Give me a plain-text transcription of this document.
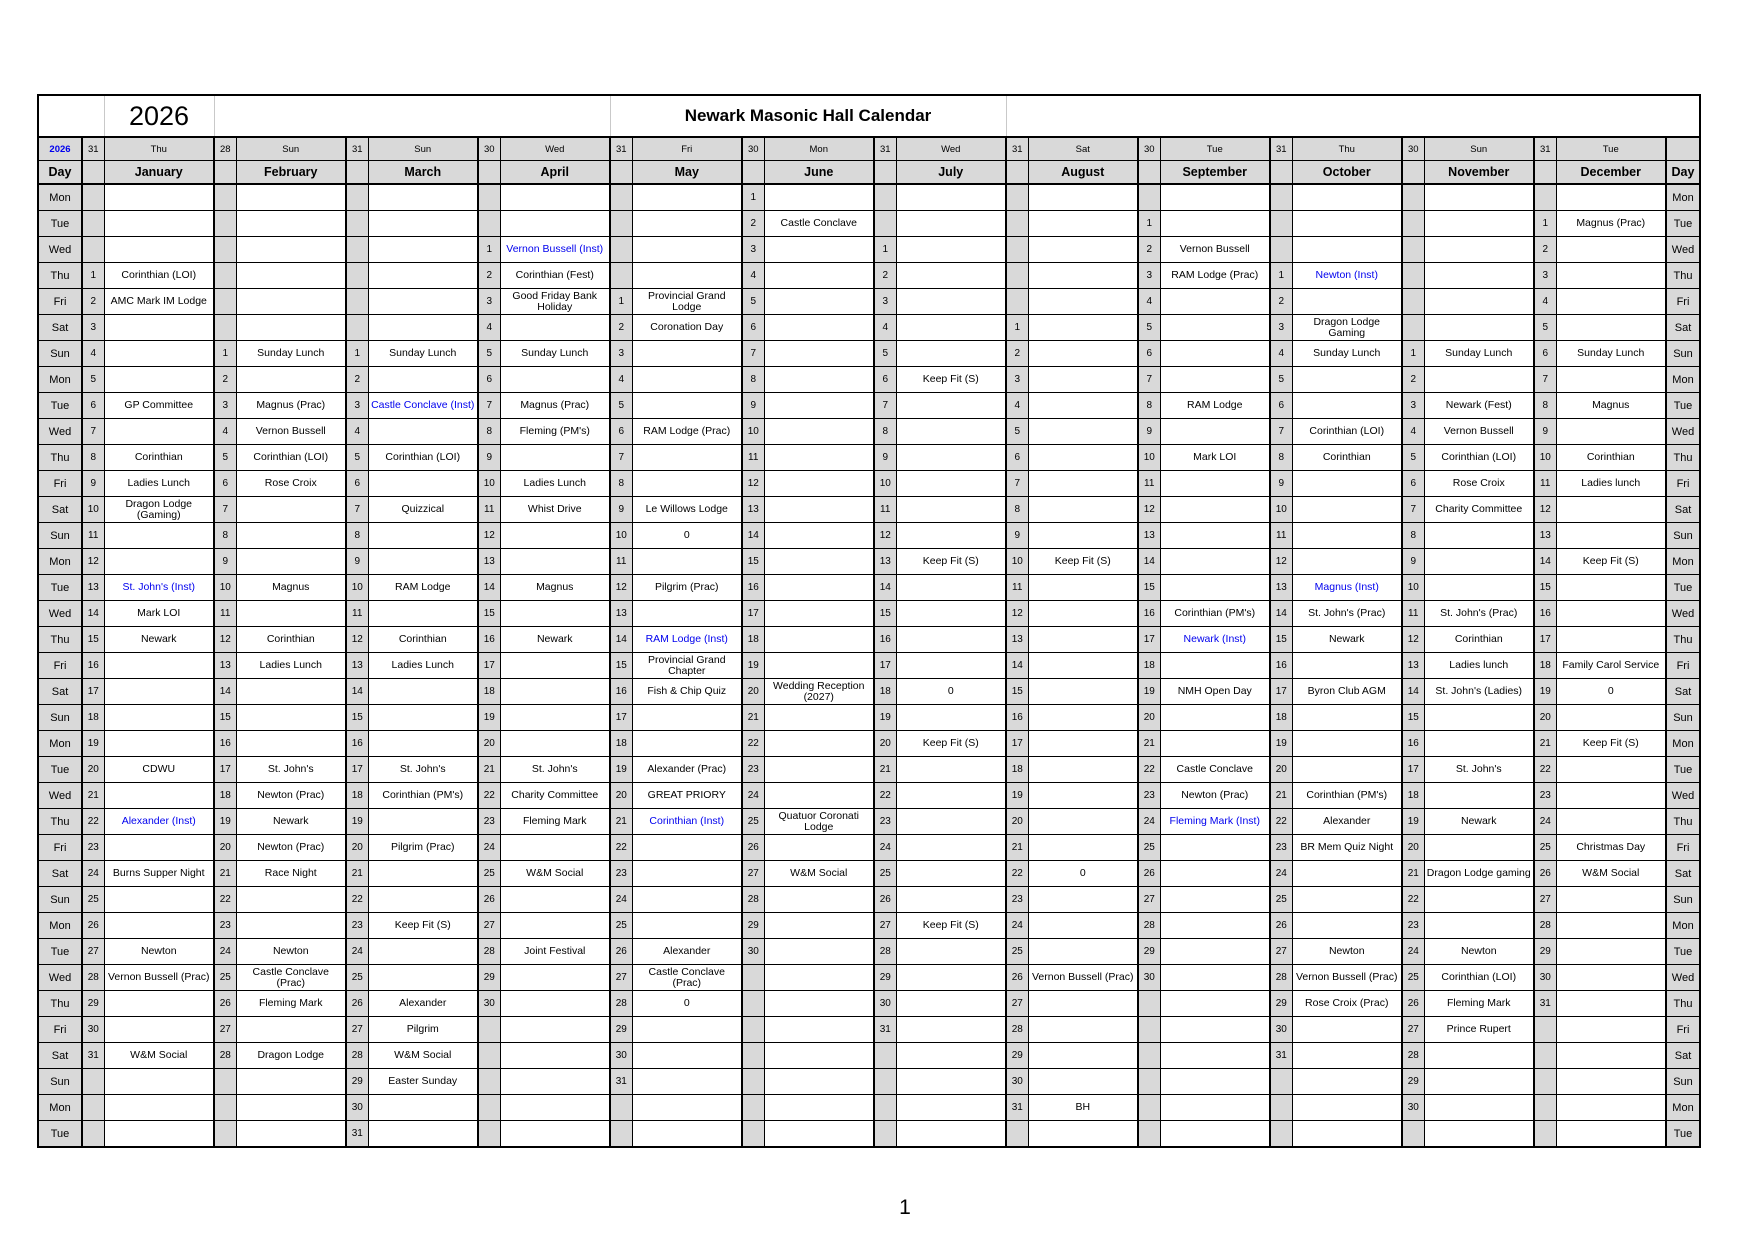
		2026							Newark Masonic Hall Calendar																
2026	31	Thu	28	Sun	31	Sun	30	Wed	31	Fri	30	Mon	31	Wed	31	Sat	30	Tue	31	Thu	30	Sun	31	Tue	
Day		January		February		March		April		May		June		July		August		September		October		November		December	Day
Mon											1														Mon
Tue											2	Castle Conclave					1						1	Magnus (Prac)	Tue
Wed							1	Vernon Bussell (Inst)			3		1				2	Vernon Bussell					2		Wed
Thu	1	Corinthian (LOI)					2	Corinthian (Fest)			4		2				3	RAM Lodge (Prac)	1	Newton (Inst)			3		Thu
Fri	2	AMC Mark IM Lodge					3	Good Friday Bank Holiday	1	Provincial Grand Lodge	5		3				4		2				4		Fri
Sat	3						4		2	Coronation Day	6		4		1		5		3	Dragon Lodge Gaming			5		Sat
Sun	4		1	Sunday Lunch	1	Sunday Lunch	5	Sunday Lunch	3		7		5		2		6		4	Sunday Lunch	1	Sunday Lunch	6	Sunday Lunch	Sun
Mon	5		2		2		6		4		8		6	Keep Fit (S)	3		7		5		2		7		Mon
Tue	6	GP Committee	3	Magnus (Prac)	3	Castle Conclave (Inst)	7	Magnus (Prac)	5		9		7		4		8	RAM Lodge	6		3	Newark (Fest)	8	Magnus	Tue
Wed	7		4	Vernon Bussell	4		8	Fleming (PM's)	6	RAM Lodge (Prac)	10		8		5		9		7	Corinthian (LOI)	4	Vernon Bussell	9		Wed
Thu	8	Corinthian	5	Corinthian (LOI)	5	Corinthian (LOI)	9		7		11		9		6		10	Mark LOI	8	Corinthian	5	Corinthian (LOI)	10	Corinthian	Thu
Fri	9	Ladies Lunch	6	Rose Croix	6		10	Ladies Lunch	8		12		10		7		11		9		6	Rose Croix	11	Ladies lunch	Fri
Sat	10	Dragon Lodge (Gaming)	7		7	Quizzical	11	Whist Drive	9	Le Willows Lodge	13		11		8		12		10		7	Charity Committee	12		Sat
Sun	11		8		8		12		10	0	14		12		9		13		11		8		13		Sun
Mon	12		9		9		13		11		15		13	Keep Fit (S)	10	Keep Fit (S)	14		12		9		14	Keep Fit (S)	Mon
Tue	13	St. John's (Inst)	10	Magnus	10	RAM Lodge	14	Magnus	12	Pilgrim (Prac)	16		14		11		15		13	Magnus (Inst)	10		15		Tue
Wed	14	Mark LOI	11		11		15		13		17		15		12		16	Corinthian (PM's)	14	St. John's (Prac)	11	St. John's (Prac)	16		Wed
Thu	15	Newark	12	Corinthian	12	Corinthian	16	Newark	14	RAM Lodge (Inst)	18		16		13		17	Newark (Inst)	15	Newark	12	Corinthian	17		Thu
Fri	16		13	Ladies Lunch	13	Ladies Lunch	17		15	Provincial Grand Chapter	19		17		14		18		16		13	Ladies lunch	18	Family Carol Service	Fri
Sat	17		14		14		18		16	Fish & Chip Quiz	20	Wedding Reception (2027)	18	0	15		19	NMH Open Day	17	Byron Club AGM	14	St. John's (Ladies)	19	0	Sat
Sun	18		15		15		19		17		21		19		16		20		18		15		20		Sun
Mon	19		16		16		20		18		22		20	Keep Fit (S)	17		21		19		16		21	Keep Fit (S)	Mon
Tue	20	CDWU	17	St. John's	17	St. John's	21	St. John's	19	Alexander (Prac)	23		21		18		22	Castle Conclave	20		17	St. John's	22		Tue
Wed	21		18	Newton (Prac)	18	Corinthian (PM's)	22	Charity Committee	20	GREAT PRIORY	24		22		19		23	Newton (Prac)	21	Corinthian (PM's)	18		23		Wed
Thu	22	Alexander (Inst)	19	Newark	19		23	Fleming Mark	21	Corinthian (Inst)	25	Quatuor Coronati Lodge	23		20		24	Fleming Mark (Inst)	22	Alexander	19	Newark	24		Thu
Fri	23		20	Newton (Prac)	20	Pilgrim (Prac)	24		22		26		24		21		25		23	BR Mem Quiz Night	20		25	Christmas Day	Fri
Sat	24	Burns Supper Night	21	Race Night	21		25	W&M Social	23		27	W&M Social	25		22	0	26		24		21	Dragon Lodge gaming	26	W&M Social	Sat
Sun	25		22		22		26		24		28		26		23		27		25		22		27		Sun
Mon	26		23		23	Keep Fit (S)	27		25		29		27	Keep Fit (S)	24		28		26		23		28		Mon
Tue	27	Newton	24	Newton	24		28	Joint Festival	26	Alexander	30		28		25		29		27	Newton	24	Newton	29		Tue
Wed	28	Vernon Bussell (Prac)	25	Castle Conclave (Prac)	25		29		27	Castle Conclave (Prac)			29		26	Vernon Bussell (Prac)	30		28	Vernon Bussell (Prac)	25	Corinthian (LOI)	30		Wed
Thu	29		26	Fleming Mark	26	Alexander	30		28	0			30		27				29	Rose Croix (Prac)	26	Fleming Mark	31		Thu
Fri	30		27		27	Pilgrim			29				31		28				30		27	Prince Rupert			Fri
Sat	31	W&M Social	28	Dragon Lodge	28	W&M Social			30						29				31		28				Sat
Sun					29	Easter Sunday			31						30						29				Sun
Mon					30										31	BH					30				Mon
Tue					31																				Tue
1
